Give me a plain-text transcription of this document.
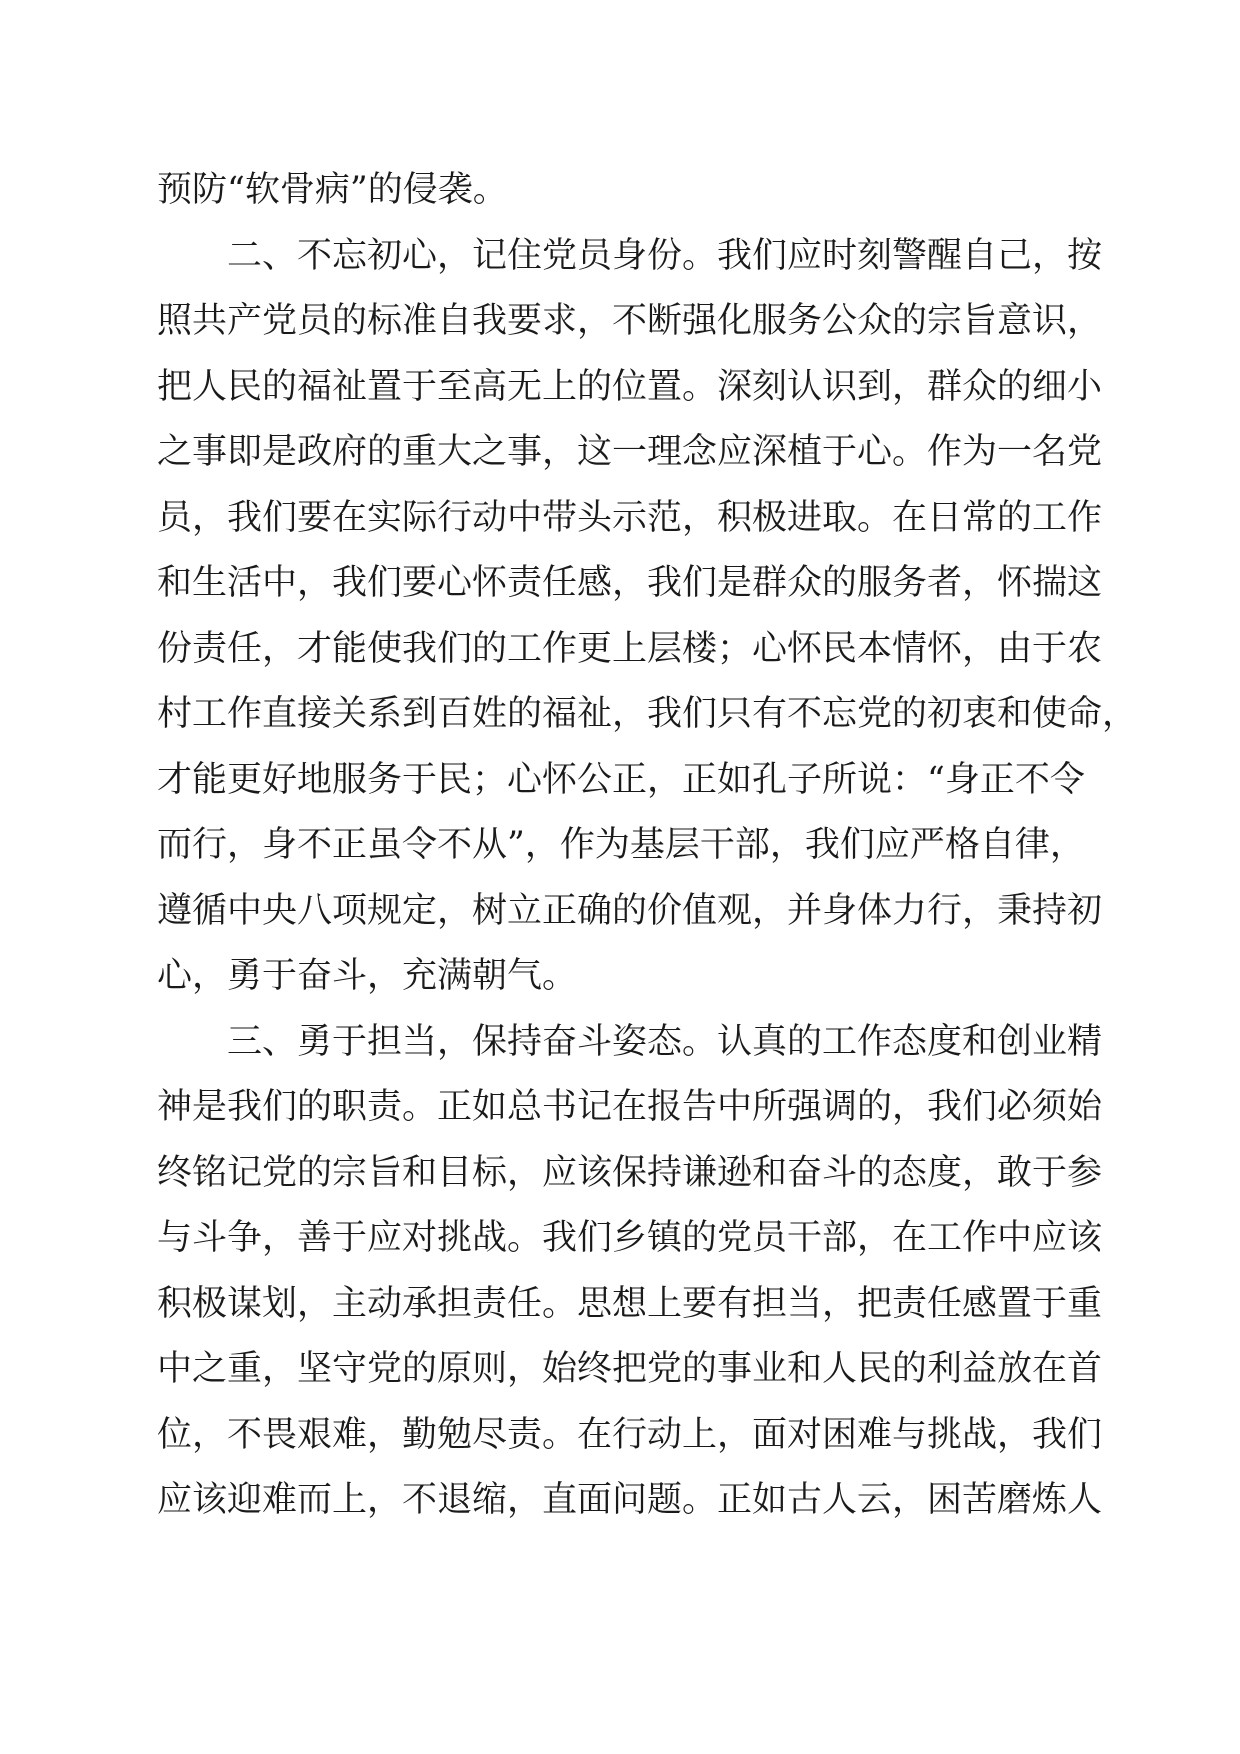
预防“软骨病”的侵袭。
二、不忘初心，记住党员身份。我们应时刻警醒自己，按
照共产党员的标准自我要求，不断强化服务公众的宗旨意识，
把人民的福祉置于至高无上的位置。深刻认识到，群众的细小
之事即是政府的重大之事，这一理念应深植于心。作为一名党
员，我们要在实际行动中带头示范，积极进取。在日常的工作
和生活中，我们要心怀责任感，我们是群众的服务者，怀揣这
份责任，才能使我们的工作更上层楼；心怀民本情怀，由于农
村工作直接关系到百姓的福祉，我们只有不忘党的初衷和使命，
才能更好地服务于民；心怀公正，正如孔子所说：“身正不令
而行，身不正虽令不从”，作为基层干部，我们应严格自律，
遵循中央八项规定，树立正确的价值观，并身体力行，秉持初
心，勇于奋斗，充满朝气。
三、勇于担当，保持奋斗姿态。认真的工作态度和创业精
神是我们的职责。正如总书记在报告中所强调的，我们必须始
终铭记党的宗旨和目标，应该保持谦逊和奋斗的态度，敢于参
与斗争，善于应对挑战。我们乡镇的党员干部，在工作中应该
积极谋划，主动承担责任。思想上要有担当，把责任感置于重
中之重，坚守党的原则，始终把党的事业和人民的利益放在首
位，不畏艰难，勤勉尽责。在行动上，面对困难与挑战，我们
应该迎难而上，不退缩，直面问题。正如古人云，困苦磨炼人
